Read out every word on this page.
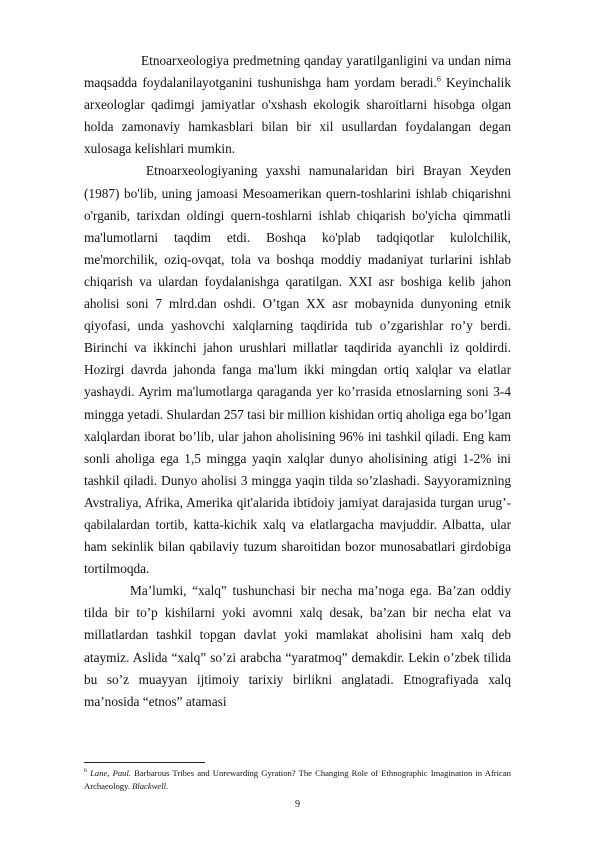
Etnoarxeologiya predmetning qanday yaratilganligini va undan nima maqsadda foydalanilayotganini tushunishga ham yordam beradi.$^6$ Keyinchalik arxeologlar qadimgi jamiyatlar o'xshash ekologik sharoitlarni hisobga olgan holda zamonaviy hamkasblari bilan bir xil usullardan foydalangan degan xulosaga kelishlari mumkin.

Etnoarxeologiyaning yaxshi namunalaridan biri Brayan Xeyden (1987) bo'lib, uning jamoasi Mesoamerikan quern-toshlarini ishlab chiqarishni o'rganib, tarixdan oldingi quern-toshlarni ishlab chiqarish bo'yicha qimmatli ma'lumotlarni taqdim etdi. Boshqa ko'plab tadqiqotlar kulolchilik, me'morchilik, oziq-ovqat, tola va boshqa moddiy madaniyat turlarini ishlab chiqarish va ulardan foydalanishga qaratilgan. XXI asr boshiga kelib jahon aholisi soni 7 mlrd.dan oshdi. O’tgan XX asr mobaynida dunyoning etnik qiyofasi, unda yashovchi xalqlarning taqdirida tub o’zgarishlar ro’y berdi. Birinchi va ikkinchi jahon urushlari millatlar taqdirida ayanchli iz qoldirdi. Hozirgi davrda jahonda fanga ma'lum ikki mingdan ortiq xalqlar va elatlar yashaydi. Ayrim ma'lumotlarga qaraganda yer ko’rrasida etnoslarning soni 3-4 mingga yetadi. Shulardan 257 tasi bir million kishidan ortiq aholiga ega bo’lgan xalqlardan iborat bo’lib, ular jahon aholisining 96% ini tashkil qiladi. Eng kam sonli aholiga ega 1,5 mingga yaqin xalqlar dunyo aholisining atigi 1-2% ini tashkil qiladi. Dunyo aholisi 3 mingga yaqin tilda so’zlashadi. Sayyoramizning Avstraliya, Afrika, Amerika qit'alarida ibtidoiy jamiyat darajasida turgan urug’-qabilalardan tortib, katta-kichik xalq va elatlargacha mavjuddir. Albatta, ular ham sekinlik bilan qabilaviy tuzum sharoitidan bozor munosabatlari girdobiga tortilmoqda.

Ma’lumki, “xalq” tushunchasi bir necha ma’noga ega. Ba’zan oddiy tilda bir to’p kishilarni yoki avomni xalq desak, ba’zan bir necha elat va millatlardan tashkil topgan davlat yoki mamlakat aholisini ham xalq deb ataymiz. Aslida “xalq” so’zi arabcha “yaratmoq” demakdir. Lekin o’zbek tilida bu so’z muayyan ijtimoiy tarixiy birlikni anglatadi. Etnografiyada xalq ma’nosida “etnos” atamasi

$^6$ Lane, Paul. Barbarous Tribes and Unrewarding Gyration? The Changing Role of Ethnographic Imagination in African Archaeology. Blackwell.
9
